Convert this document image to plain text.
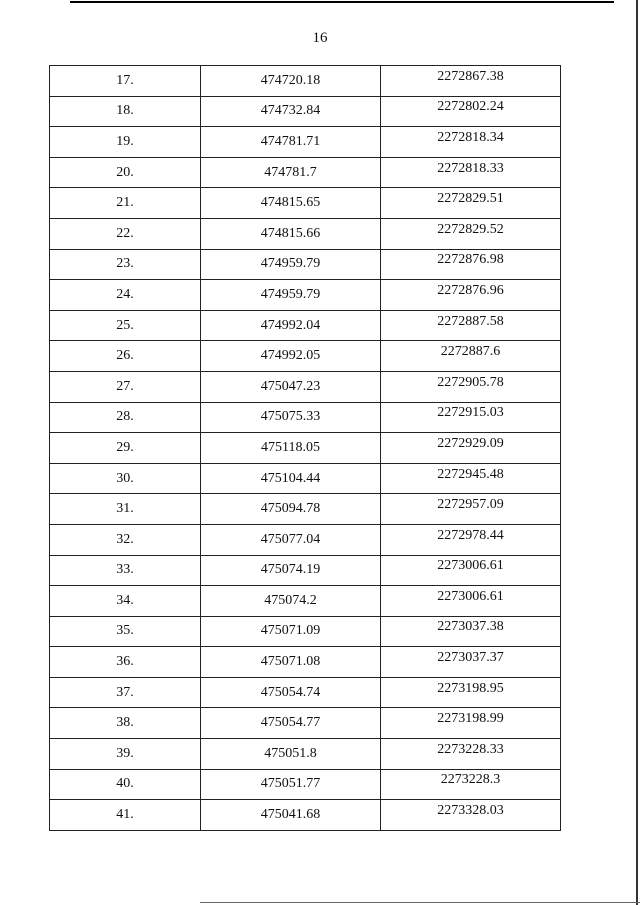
16
17.	474720.18	2272867.38
18.	474732.84	2272802.24
19.	474781.71	2272818.34
20.	474781.7	2272818.33
21.	474815.65	2272829.51
22.	474815.66	2272829.52
23.	474959.79	2272876.98
24.	474959.79	2272876.96
25.	474992.04	2272887.58
26.	474992.05	2272887.6
27.	475047.23	2272905.78
28.	475075.33	2272915.03
29.	475118.05	2272929.09
30.	475104.44	2272945.48
31.	475094.78	2272957.09
32.	475077.04	2272978.44
33.	475074.19	2273006.61
34.	475074.2	2273006.61
35.	475071.09	2273037.38
36.	475071.08	2273037.37
37.	475054.74	2273198.95
38.	475054.77	2273198.99
39.	475051.8	2273228.33
40.	475051.77	2273228.3
41.	475041.68	2273328.03
